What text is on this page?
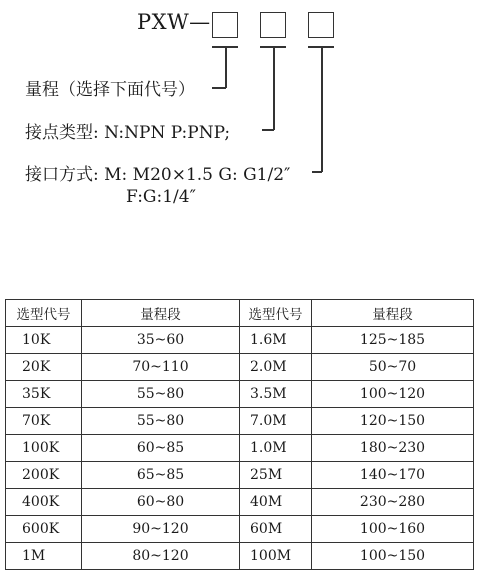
PXW—
量程（选择下面代号）
接点类型: N:NPN P:PNP;
接口方式: M: M20×1.5 G: G1/2″
F:G:1/4″
选型代号	量程段	选型代号	量程段
10K	35~60	1.6M	125~185
20K	70~110	2.0M	50~70
35K	55~80	3.5M	100~120
70K	55~80	7.0M	120~150
100K	60~85	1.0M	180~230
200K	65~85	25M	140~170
400K	60~80	40M	230~280
600K	90~120	60M	100~160
1M	80~120	100M	100~150
